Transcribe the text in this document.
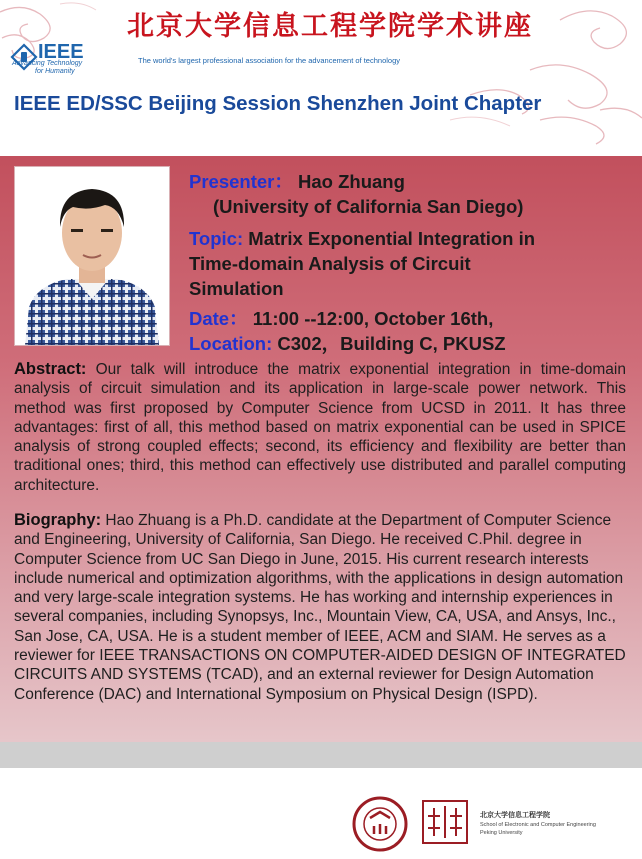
北京大学信息工程学院学术讲座
IEEE
Advancing Technology
for Humanity
The world's largest professional association for the advancement of technology
IEEE ED/SSC Beijing Session Shenzhen Joint Chapter
Presenter： Hao Zhuang
(University of California San Diego)
Topic: Matrix Exponential Integration in
Time-domain Analysis of Circuit
Simulation
Date： 11:00 --12:00, October 16th,
Location: C302，Building C, PKUSZ
Abstract: Our talk will introduce the matrix exponential integration in time-domain analysis of circuit simulation and its application in large-scale power network. This method was first proposed by Computer Science from UCSD in 2011. It has three advantages: first of all, this method based on matrix exponential can be used in SPICE analysis of strong coupled effects; second, its efficiency and flexibility are better than traditional ones; third, this method can effectively use distributed and parallel computing architecture.
Biography: Hao Zhuang is a Ph.D. candidate at the Department of Computer Science and Engineering, University of California, San Diego. He received C.Phil. degree in Computer Science from UC San Diego in June, 2015. His current research interests include numerical and optimization algorithms, with the applications in design automation and very large-scale integration systems. He has working and internship experiences in several companies, including Synopsys, Inc., Mountain View, CA, USA, and Ansys, Inc., San Jose, CA, USA. He is a student member of IEEE, ACM and SIAM. He serves as a reviewer for IEEE TRANSACTIONS ON COMPUTER-AIDED DESIGN OF INTEGRATED CIRCUITS AND SYSTEMS (TCAD), and an external reviewer for Design Automation Conference (DAC) and International Symposium on Physical Design (ISPD).
北京大学信息工程学院
School of Electronic and Computer Engineering
Peking University
